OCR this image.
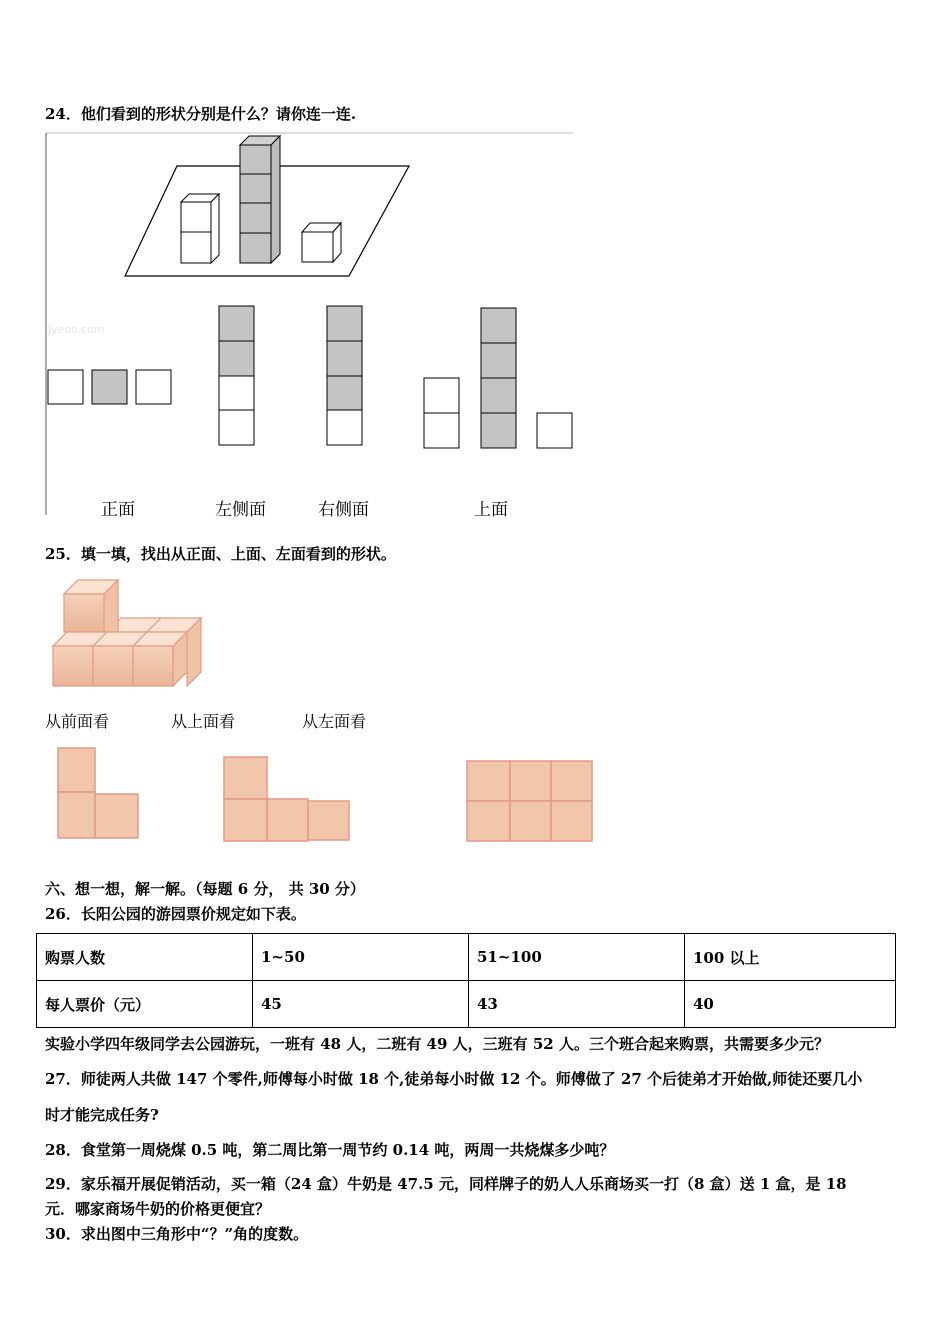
24．他们看到的形状分别是什么？请你连一连.
jyeoo.com
正面	左侧面	右侧面	上面
25．填一填，找出从正面、上面、左面看到的形状。
从前面看	从上面看	从左面看
六、想一想，解一解。（每题 6 分， 共 30 分）
26．长阳公园的游园票价规定如下表。
购票人数	1~50	51~100	100 以上
每人票价（元）	45	43	40
实验小学四年级同学去公园游玩，一班有 48 人，二班有 49 人，三班有 52 人。三个班合起来购票，共需要多少元？
27．师徒两人共做 147 个零件,师傅每小时做 18 个,徒弟每小时做 12 个。师傅做了 27 个后徒弟才开始做,师徒还要几小
时才能完成任务?
28．食堂第一周烧煤 0.5 吨，第二周比第一周节约 0.14 吨，两周一共烧煤多少吨？
29．家乐福开展促销活动，买一箱（24 盒）牛奶是 47.5 元，同样牌子的奶人人乐商场买一打（8 盒）送 1 盒，是 18
元．哪家商场牛奶的价格更便宜？
30．求出图中三角形中“？”角的度数。
